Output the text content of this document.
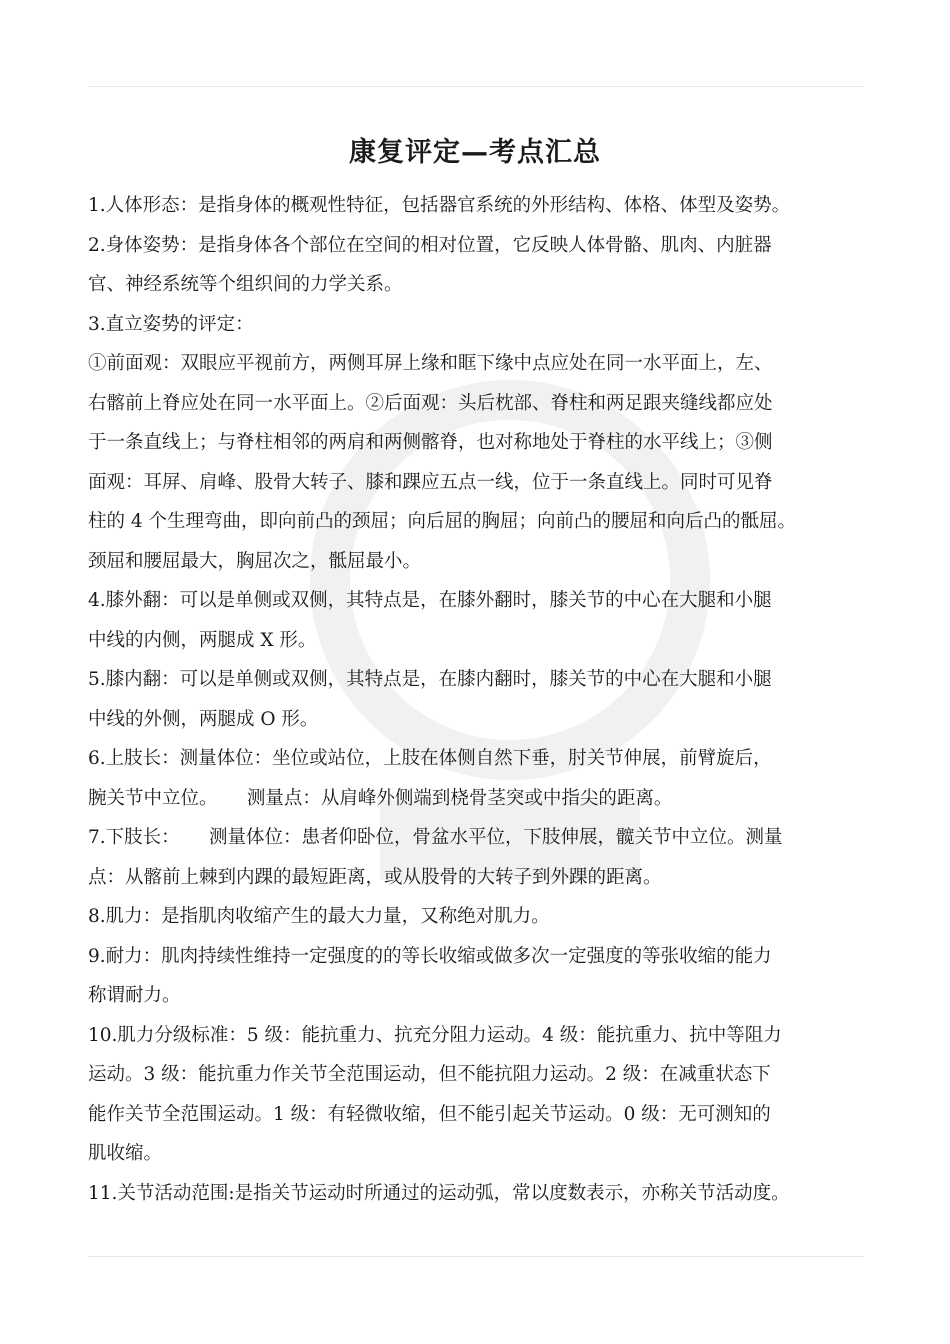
康复评定—考点汇总

1.人体形态：是指身体的概观性特征，包括器官系统的外形结构、体格、体型及姿势。

2.身体姿势：是指身体各个部位在空间的相对位置，它反映人体骨骼、肌肉、内脏器
官、神经系统等个组织间的力学关系。

3.直立姿势的评定：

①前面观：双眼应平视前方，两侧耳屏上缘和眶下缘中点应处在同一水平面上，左、
右髂前上脊应处在同一水平面上。②后面观：头后枕部、脊柱和两足跟夹缝线都应处
于一条直线上；与脊柱相邻的两肩和两侧髂脊，也对称地处于脊柱的水平线上；③侧
面观：耳屏、肩峰、股骨大转子、膝和踝应五点一线，位于一条直线上。同时可见脊
柱的 4 个生理弯曲，即向前凸的颈屈；向后屈的胸屈；向前凸的腰屈和向后凸的骶屈。
颈屈和腰屈最大，胸屈次之，骶屈最小。

4.膝外翻：可以是单侧或双侧，其特点是，在膝外翻时，膝关节的中心在大腿和小腿
中线的内侧，两腿成 X 形。

5.膝内翻：可以是单侧或双侧，其特点是，在膝内翻时，膝关节的中心在大腿和小腿
中线的外侧，两腿成 O 形。

6.上肢长：测量体位：坐位或站位，上肢在体侧自然下垂，肘关节伸展，前臂旋后，
腕关节中立位。     测量点：从肩峰外侧端到桡骨茎突或中指尖的距离。

7.下肢长：     测量体位：患者仰卧位，骨盆水平位，下肢伸展，髋关节中立位。测量
点：从髂前上棘到内踝的最短距离，或从股骨的大转子到外踝的距离。

8.肌力：是指肌肉收缩产生的最大力量，又称绝对肌力。

9.耐力：肌肉持续性维持一定强度的的等长收缩或做多次一定强度的等张收缩的能力
称谓耐力。

10.肌力分级标准：5 级：能抗重力、抗充分阻力运动。4 级：能抗重力、抗中等阻力
运动。3 级：能抗重力作关节全范围运动，但不能抗阻力运动。2 级：在减重状态下
能作关节全范围运动。1 级：有轻微收缩，但不能引起关节运动。0 级：无可测知的
肌收缩。

11.关节活动范围:是指关节运动时所通过的运动弧，常以度数表示，亦称关节活动度。
